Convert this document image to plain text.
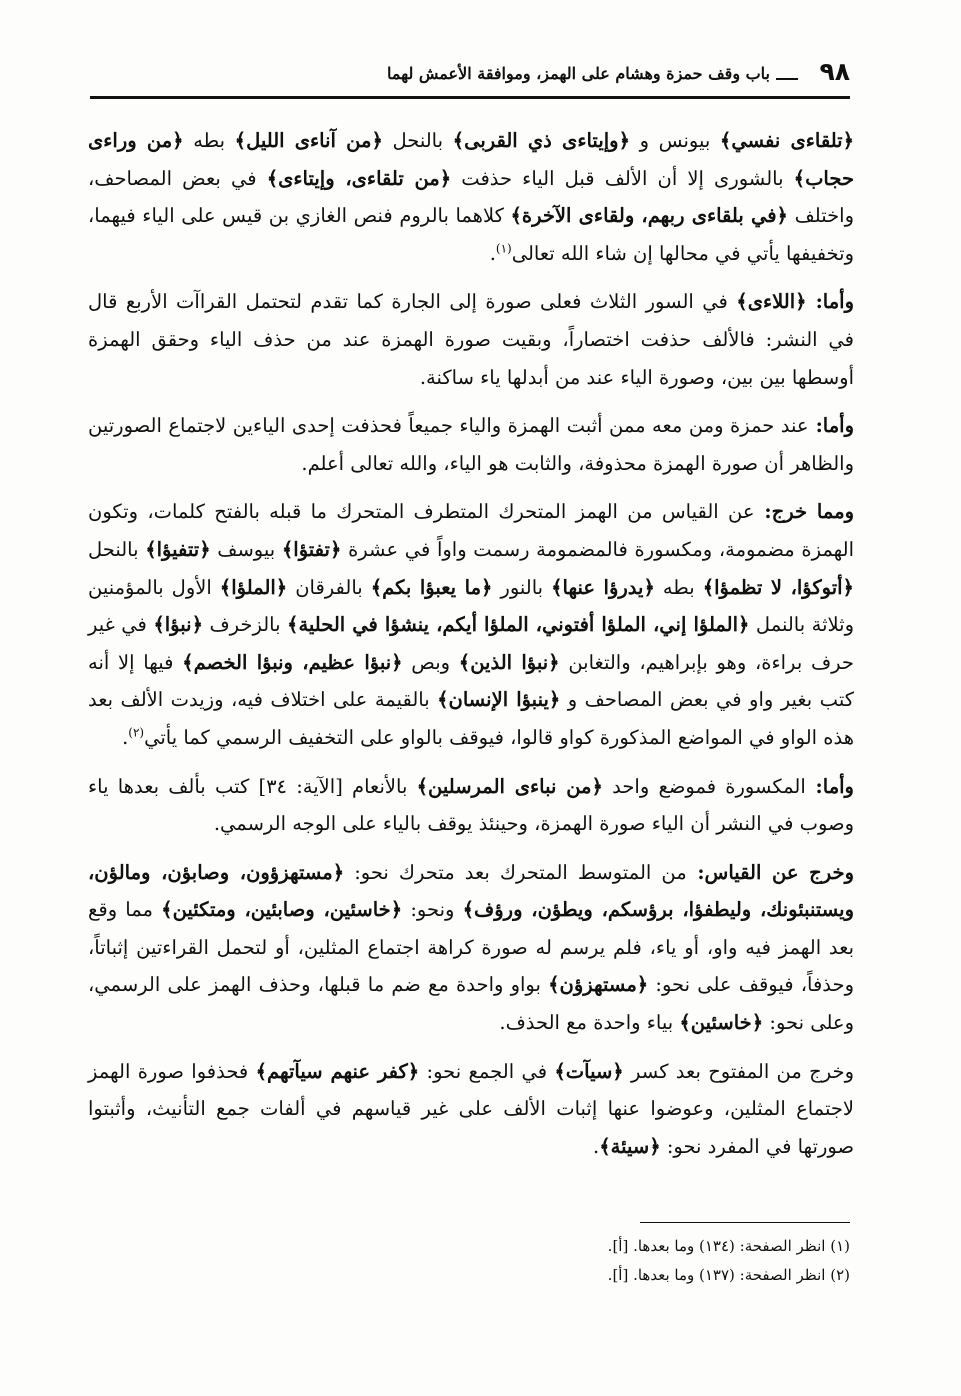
٩٨
باب وقف حمزة وهشام على الهمز، وموافقة الأعمش لهما

﴿تلقاءى نفسي﴾ بيونس و ﴿وإيتاءى ذي القربى﴾ بالنحل ﴿من آناءى الليل﴾ بطه ﴿من وراءى حجاب﴾ بالشورى إلا أن الألف قبل الياء حذفت ﴿من تلقاءى، وإيتاءى﴾ في بعض المصاحف، واختلف ﴿في بلقاءى ربهم، ولقاءى الآخرة﴾ كلاهما بالروم فنص الغازي بن قيس على الياء فيهما، وتخفيفها يأتي في محالها إن شاء الله تعالى$^{(١)}$.

وأما: ﴿اللاءى﴾ في السور الثلاث فعلى صورة إلى الجارة كما تقدم لتحتمل القراآت الأربع قال في النشر: فالألف حذفت اختصاراً، وبقيت صورة الهمزة عند من حذف الياء وحقق الهمزة أوسطها بين بين، وصورة الياء عند من أبدلها ياء ساكنة.

وأما: عند حمزة ومن معه ممن أثبت الهمزة والياء جميعاً فحذفت إحدى الياءين لاجتماع الصورتين والظاهر أن صورة الهمزة محذوفة، والثابت هو الياء، والله تعالى أعلم.

ومما خرج: عن القياس من الهمز المتحرك المتطرف المتحرك ما قبله بالفتح كلمات، وتكون الهمزة مضمومة، ومكسورة فالمضمومة رسمت واواً في عشرة ﴿تفتؤا﴾ بيوسف ﴿تتفيؤا﴾ بالنحل ﴿أتوكؤا، لا تظمؤا﴾ بطه ﴿يدرؤا عنها﴾ بالنور ﴿ما يعبؤا بكم﴾ بالفرقان ﴿الملؤا﴾ الأول بالمؤمنين وثلاثة بالنمل ﴿الملؤا إني، الملؤا أفتوني، الملؤا أيكم، ينشؤا في الحلية﴾ بالزخرف ﴿نبؤا﴾ في غير حرف براءة، وهو بإبراهيم، والتغابن ﴿نبؤا الذين﴾ وبص ﴿نبؤا عظيم، ونبؤا الخصم﴾ فيها إلا أنه كتب بغير واو في بعض المصاحف و ﴿ينبؤا الإنسان﴾ بالقيمة على اختلاف فيه، وزيدت الألف بعد هذه الواو في المواضع المذكورة كواو قالوا، فيوقف بالواو على التخفيف الرسمي كما يأتي$^{(٢)}$.

وأما: المكسورة فموضع واحد ﴿من نباءى المرسلين﴾ بالأنعام [الآية: ٣٤] كتب بألف بعدها ياء وصوب في النشر أن الياء صورة الهمزة، وحينئذ يوقف بالياء على الوجه الرسمي.

وخرج عن القياس: من المتوسط المتحرك بعد متحرك نحو: ﴿مستهزؤون، وصابؤن، ومالؤن، ويستنبئونك، وليطفؤا، برؤسكم، ويطؤن، ورؤف﴾ ونحو: ﴿خاسئين، وصابئين، ومتكئين﴾ مما وقع بعد الهمز فيه واو، أو ياء، فلم يرسم له صورة كراهة اجتماع المثلين، أو لتحمل القراءتين إثباتاً، وحذفاً، فيوقف على نحو: ﴿مستهزؤن﴾ بواو واحدة مع ضم ما قبلها، وحذف الهمز على الرسمي، وعلى نحو: ﴿خاسئين﴾ بياء واحدة مع الحذف.

وخرج من المفتوح بعد كسر ﴿سيآت﴾ في الجمع نحو: ﴿كفر عنهم سيآتهم﴾ فحذفوا صورة الهمز لاجتماع المثلين، وعوضوا عنها إثبات الألف على غير قياسهم في ألفات جمع التأنيث، وأثبتوا صورتها في المفرد نحو: ﴿سيئة﴾.

(١) انظر الصفحة: (١٣٤) وما بعدها. [أ].

(٢) انظر الصفحة: (١٣٧) وما بعدها. [أ].
